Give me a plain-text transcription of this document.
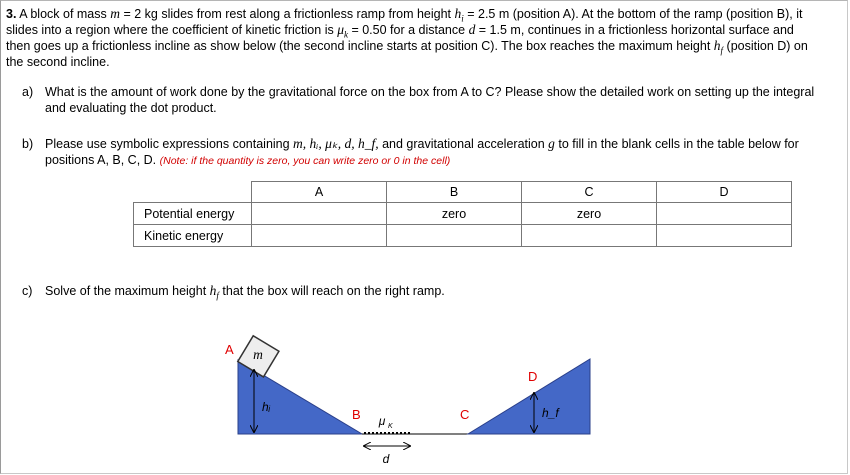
3. A block of mass m = 2 kg slides from rest along a frictionless ramp from height $h_i = 2.5$ m (position A). At the bottom of the ramp (position B), it
slides into a region where the coefficient of kinetic friction is $\mu_k = 0.50$ for a distance d = 1.5 m, continues in a frictionless horizontal surface and
then goes up a frictionless incline as show below (the second incline starts at position C). The box reaches the maximum height $h_f$ (position D) on
the second incline.
a) What is the amount of work done by the gravitational force on the box from A to C? Please show the detailed work on setting up the integral
and evaluating the dot product.
b) Please use symbolic expressions containing m, hᵢ, μₖ, d, h_f, and gravitational acceleration g to fill in the blank cells in the table below for
positions A, B, C, D. (Note: if the quantity is zero, you can write zero or 0 in the cell)
	A	B	C	D
Potential energy		zero	zero	
Kinetic energy				
c) Solve of the maximum height $h_f$ that the box will reach on the right ramp.
m
hᵢ
d
μ K
h_f
A
B	C
D
